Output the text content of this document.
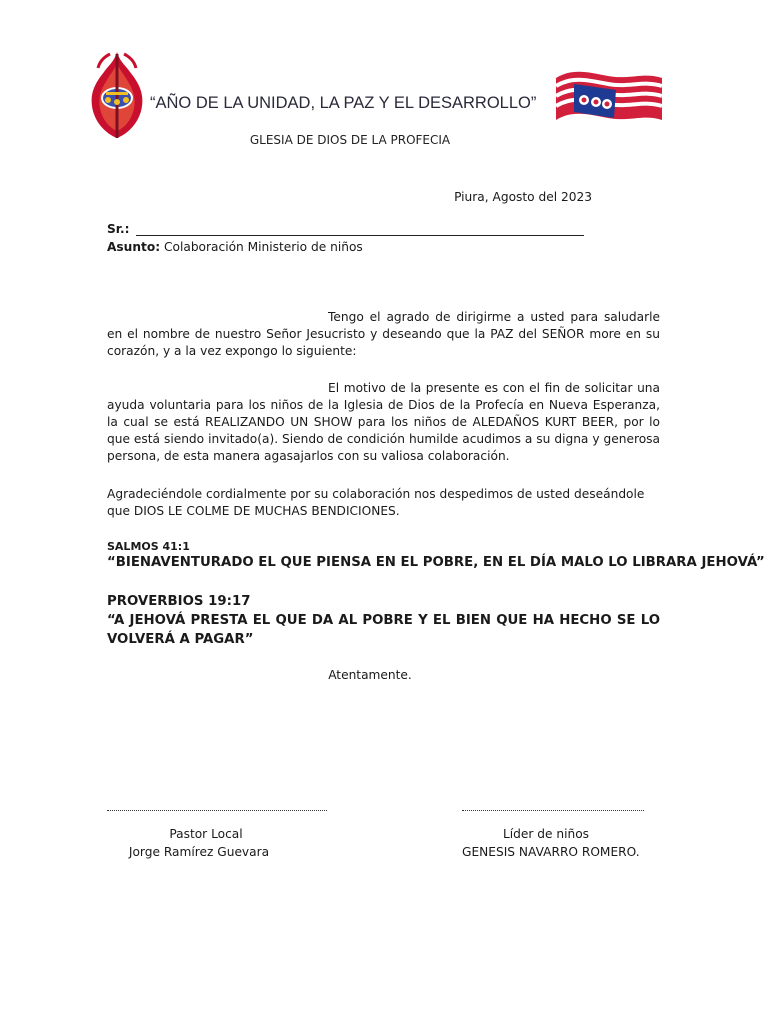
“AÑO DE LA UNIDAD, LA PAZ Y EL DESARROLLO”
GLESIA DE DIOS DE LA PROFECIA
Piura, Agosto del 2023
Sr.:
Asunto: Colaboración Ministerio de niños

Tengo el agrado de dirigirme a usted para saludarle en el nombre de nuestro Señor Jesucristo y deseando que la PAZ del SEÑOR more en su corazón, y a la vez expongo lo siguiente:

El motivo de la presente es con el fin de solicitar una ayuda voluntaria para los niños de la Iglesia de Dios de la Profecía en Nueva Esperanza, la cual se está REALIZANDO UN SHOW para los niños de ALEDAÑOS KURT BEER, por lo que está siendo invitado(a). Siendo de condición humilde acudimos a su digna y generosa persona, de esta manera agasajarlos con su valiosa colaboración.

Agradeciéndole cordialmente por su colaboración nos despedimos de usted deseándole que DIOS LE COLME DE MUCHAS BENDICIONES.

SALMOS 41:1
“BIENAVENTURADO EL QUE PIENSA EN EL POBRE, EN EL DÍA MALO LO LIBRARA JEHOVÁ”
PROVERBIOS 19:17

“A JEHOVÁ PRESTA EL QUE DA AL POBRE Y EL BIEN QUE HA HECHO SE LO VOLVERÁ A PAGAR”

Atentamente.
Pastor Local
Jorge Ramírez Guevara
Líder de niños
GENESIS NAVARRO ROMERO.
